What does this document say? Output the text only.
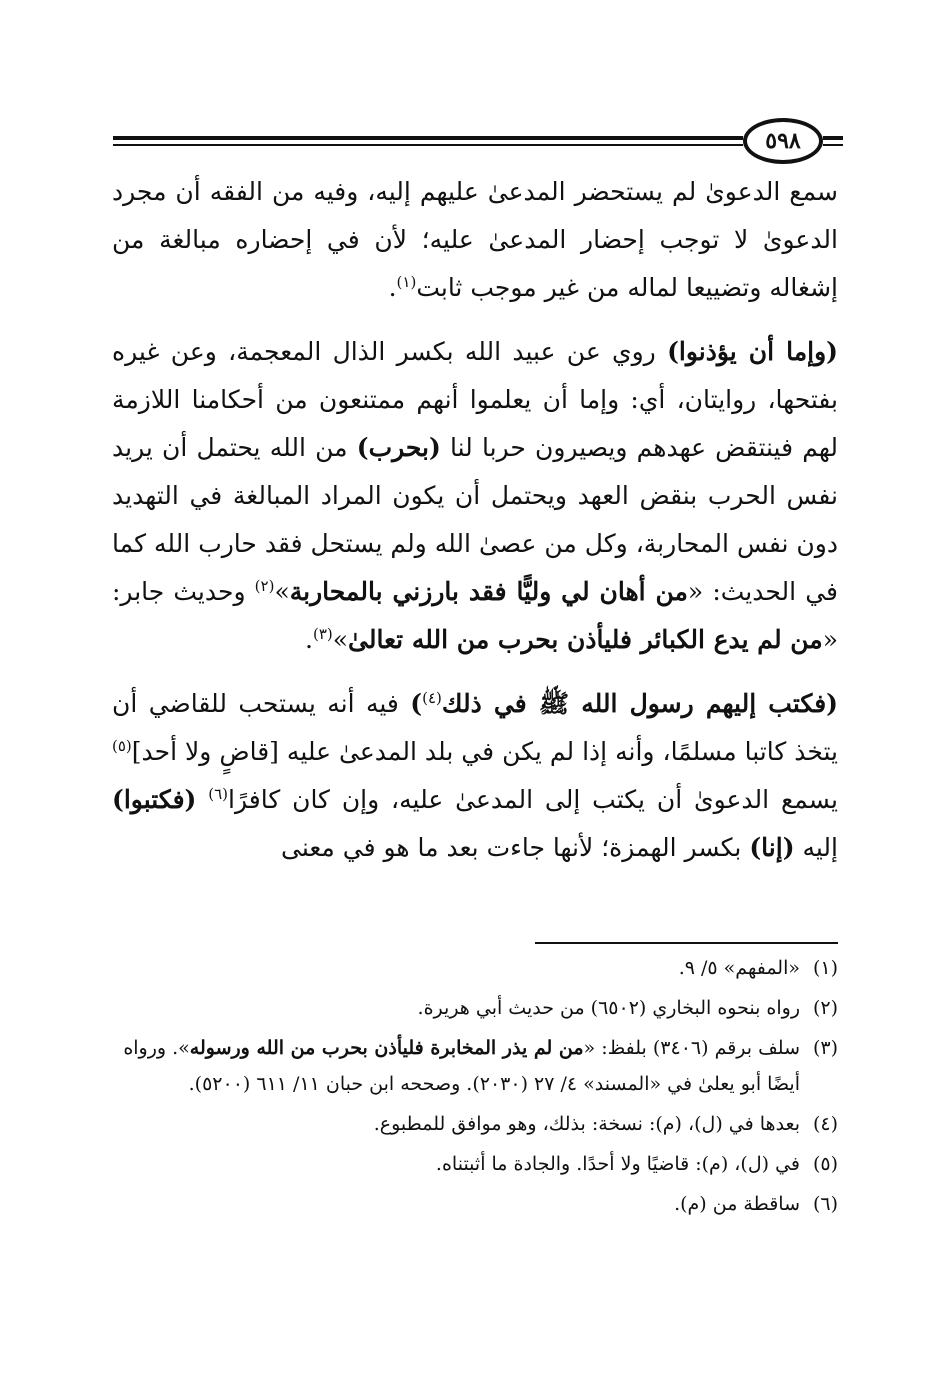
٥٩٨

سمع الدعوىٰ لم يستحضر المدعىٰ عليهم إليه، وفيه من الفقه أن مجرد الدعوىٰ لا توجب إحضار المدعىٰ عليه؛ لأن في إحضاره مبالغة من إشغاله وتضييعا لماله من غير موجب ثابت$^{(١)}$.

(وإما أن يؤذنوا) روي عن عبيد الله بكسر الذال المعجمة، وعن غيره بفتحها، روايتان، أي: وإما أن يعلموا أنهم ممتنعون من أحكامنا اللازمة لهم فينتقض عهدهم ويصيرون حربا لنا (بحرب) من الله يحتمل أن يريد نفس الحرب بنقض العهد ويحتمل أن يكون المراد المبالغة في التهديد دون نفس المحاربة، وكل من عصىٰ الله ولم يستحل فقد حارب الله كما في الحديث: «من أهان لي وليًّا فقد بارزني بالمحاربة»$^{(٢)}$ وحديث جابر: «من لم يدع الكبائر فليأذن بحرب من الله تعالىٰ»$^{(٣)}$.

(فكتب إليهم رسول الله ﷺ في ذلك$^{(٤)}$) فيه أنه يستحب للقاضي أن يتخذ كاتبا مسلمًا، وأنه إذا لم يكن في بلد المدعىٰ عليه [قاضٍ ولا أحد]$^{(٥)}$ يسمع الدعوىٰ أن يكتب إلى المدعىٰ عليه، وإن كان كافرًا$^{(٦)}$ (فكتبوا) إليه (إنا) بكسر الهمزة؛ لأنها جاءت بعد ما هو في معنى

(١)
«المفهم» ٥/ ٩.
(٢)
رواه بنحوه البخاري (٦٥٠٢) من حديث أبي هريرة.
(٣)
سلف برقم (٣٤٠٦) بلفظ: «من لم يذر المخابرة فليأذن بحرب من الله ورسوله». ورواه أيضًا أبو يعلىٰ في «المسند» ٤/ ٢٧ (٢٠٣٠). وصححه ابن حبان ١١/ ٦١١ (٥٢٠٠).
(٤)
بعدها في (ل)، (م): نسخة: بذلك، وهو موافق للمطبوع.
(٥)
في (ل)، (م): قاضيًا ولا أحدًا. والجادة ما أثبتناه.
(٦)
ساقطة من (م).
